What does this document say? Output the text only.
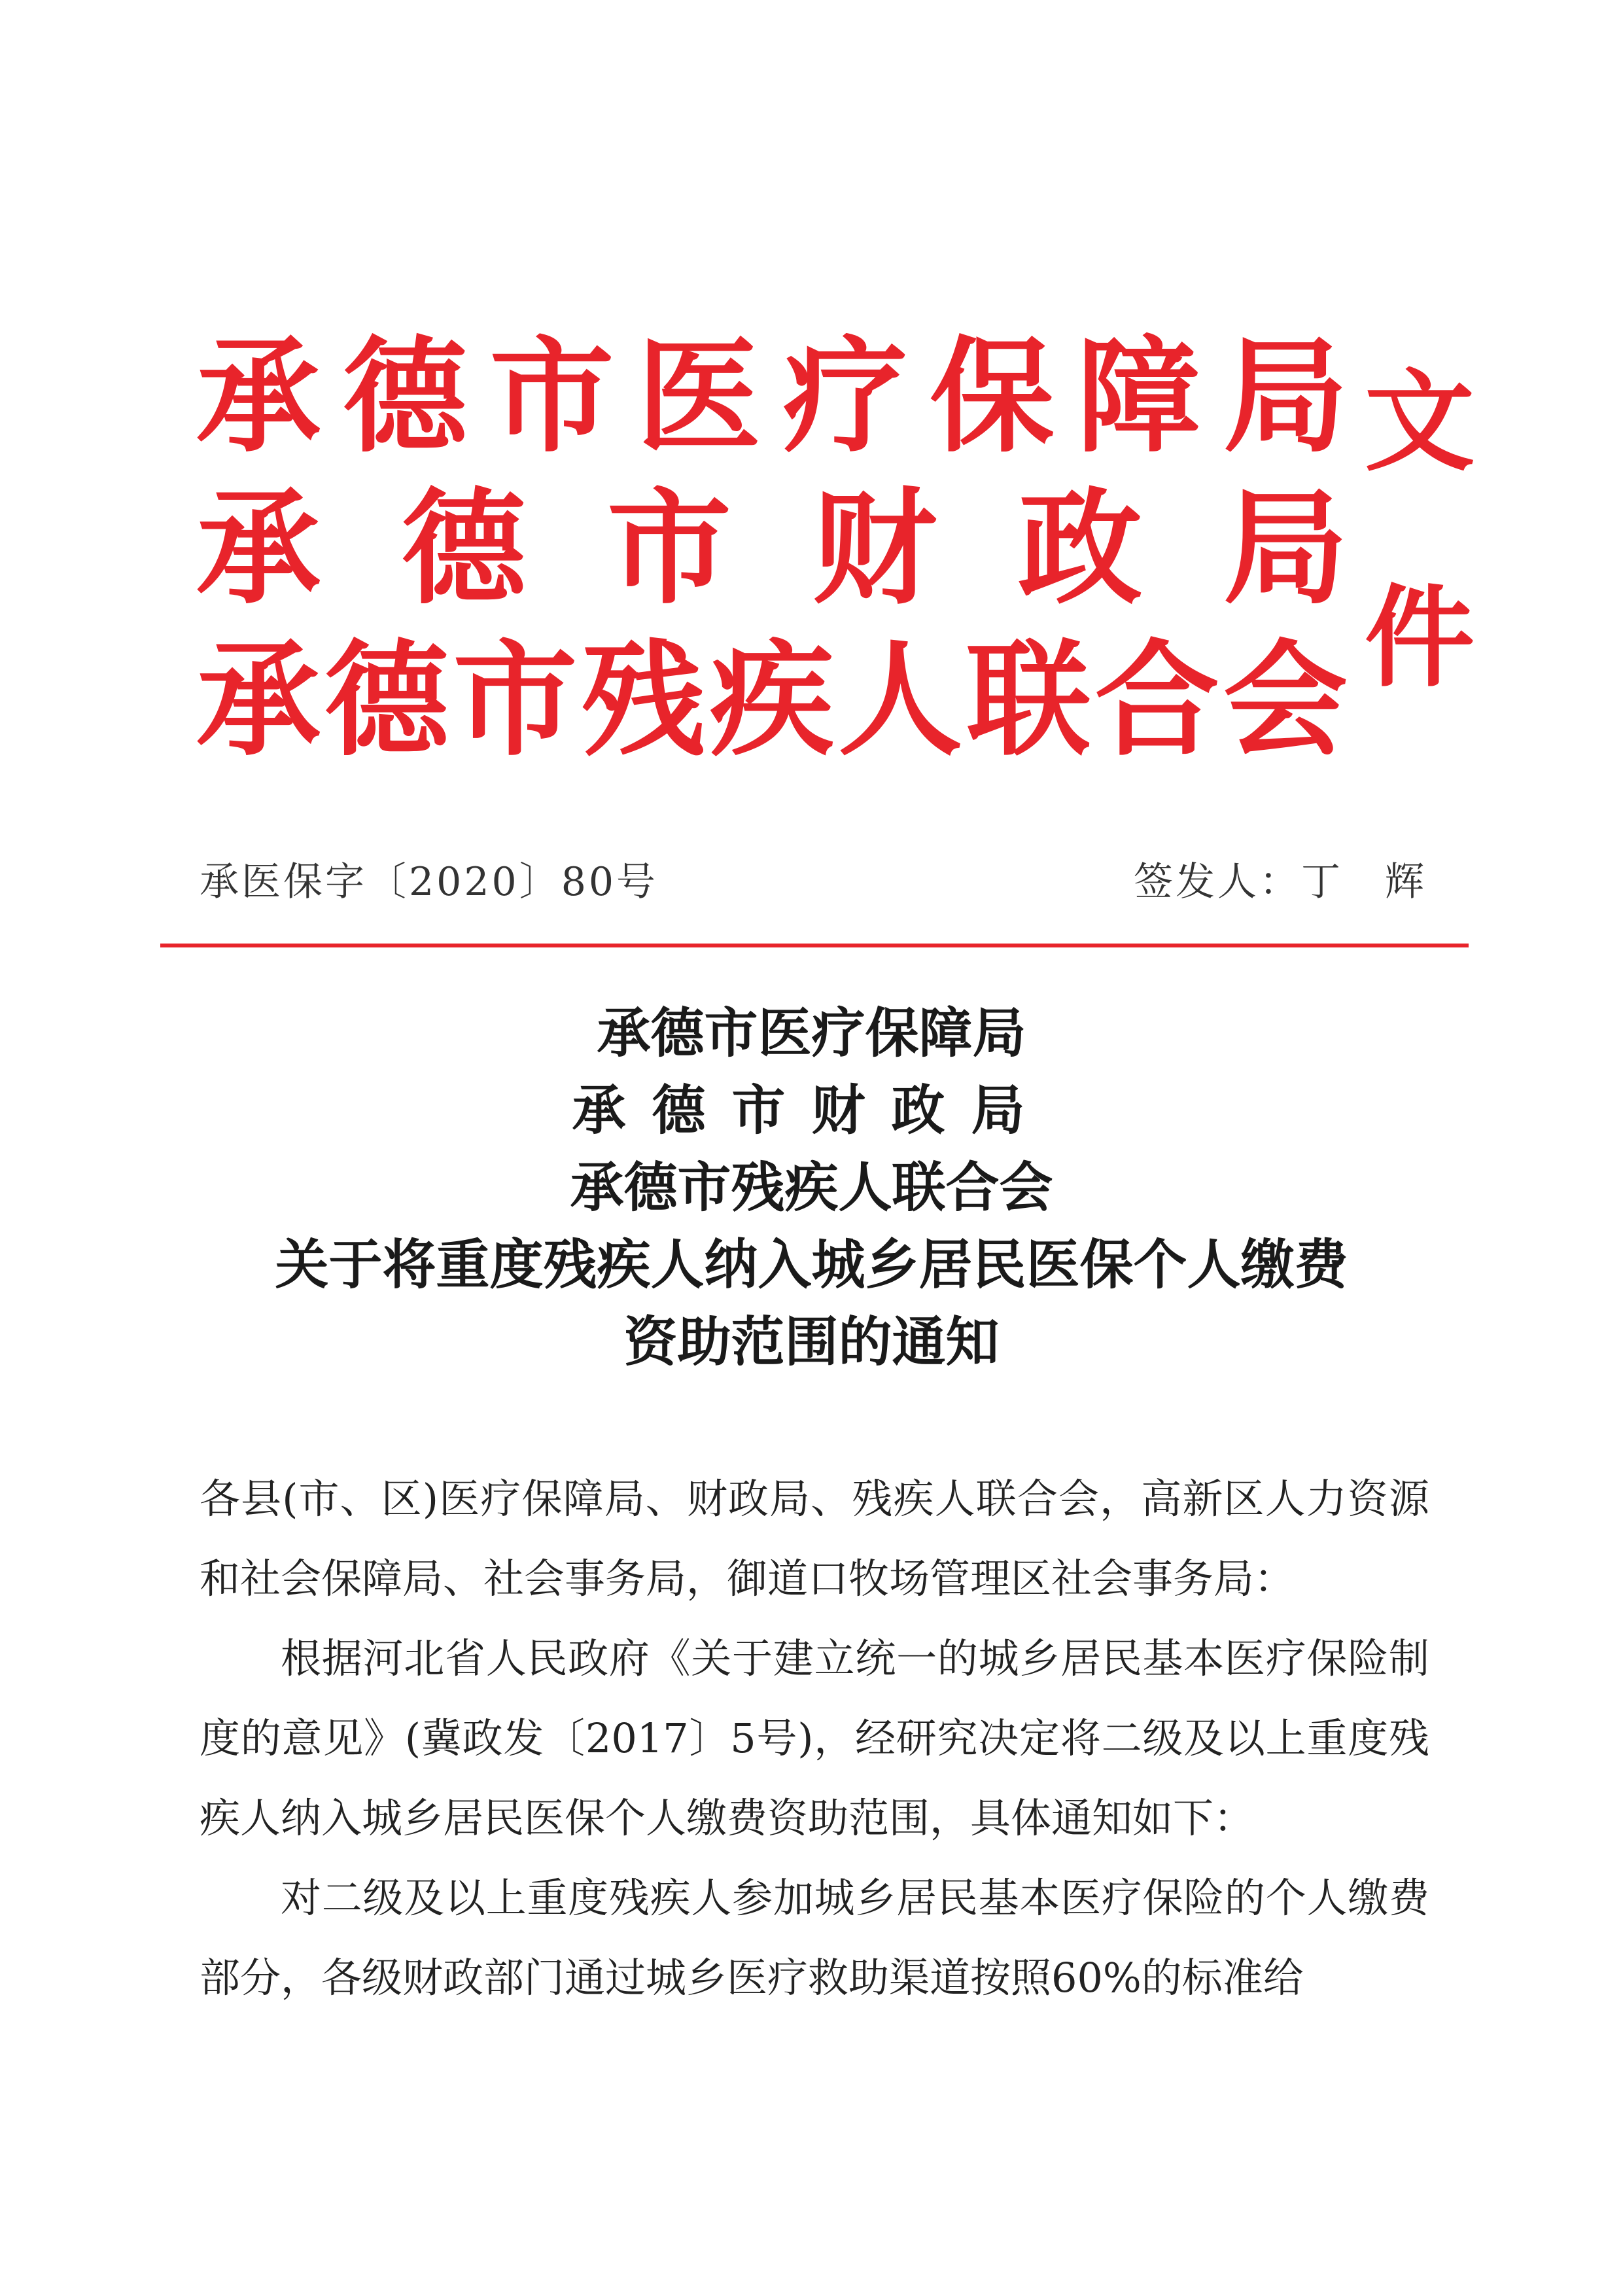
承 德 市 医 疗 保 障 局
承 德 市 财 政 局
承 德 市 残 疾 人 联 合 会
文
件
承医保字〔2020〕80号	签发人：丁　辉
承德市医疗保障局
承德市财政局
承德市残疾人联合会
关于将重度残疾人纳入城乡居民医保个人缴费
资助范围的通知

各县(市、区)医疗保障局、财政局、残疾人联合会，高新区人力资源和社会保障局、社会事务局，御道口牧场管理区社会事务局：

根据河北省人民政府《关于建立统一的城乡居民基本医疗保险制度的意见》(冀政发〔2017〕5号)，经研究决定将二级及以上重度残疾人纳入城乡居民医保个人缴费资助范围，具体通知如下：

对二级及以上重度残疾人参加城乡居民基本医疗保险的个人缴费部分，各级财政部门通过城乡医疗救助渠道按照60%的标准给
